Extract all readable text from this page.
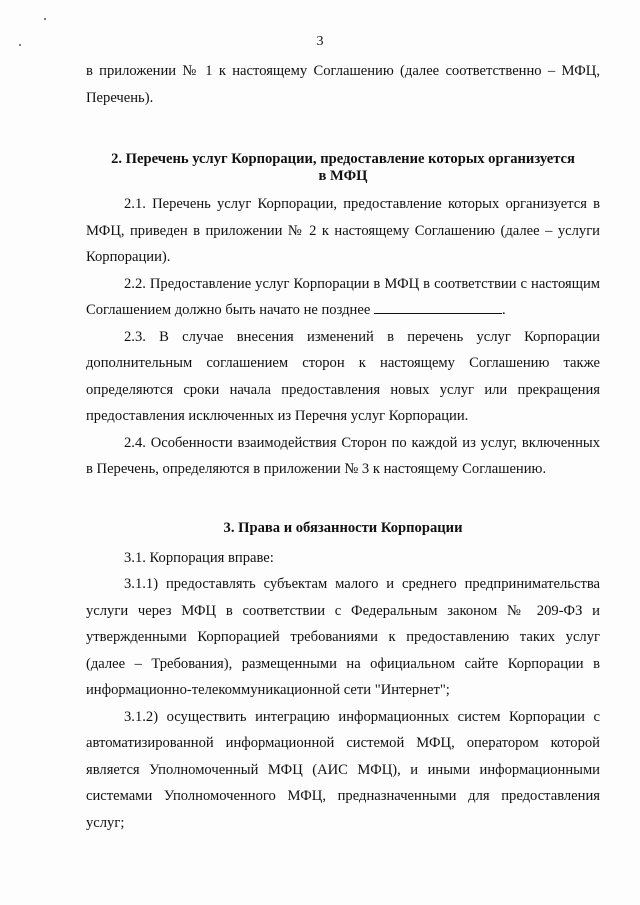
3

в приложении № 1 к настоящему Соглашению (далее соответственно – МФЦ, Перечень).

2. Перечень услуг Корпорации, предоставление которых организуется
в МФЦ

2.1. Перечень услуг Корпорации, предоставление которых организуется в МФЦ, приведен в приложении № 2 к настоящему Соглашению (далее – услуги Корпорации).

2.2. Предоставление услуг Корпорации в МФЦ в соответствии с настоящим Соглашением должно быть начато не позднее	.

2.3. В случае внесения изменений в перечень услуг Корпорации дополнительным соглашением сторон к настоящему Соглашению также определяются сроки начала предоставления новых услуг или прекращения предоставления исключенных из Перечня услуг Корпорации.

2.4. Особенности взаимодействия Сторон по каждой из услуг, включенных в Перечень, определяются в приложении № 3 к настоящему Соглашению.

3. Права и обязанности Корпорации

3.1. Корпорация вправе:

3.1.1) предоставлять субъектам малого и среднего предпринимательства услуги через МФЦ в соответствии с Федеральным законом № 209-ФЗ и утвержденными Корпорацией требованиями к предоставлению таких услуг (далее – Требования), размещенными на официальном сайте Корпорации в информационно-телекоммуникационной сети "Интернет";

3.1.2) осуществить интеграцию информационных систем Корпорации с автоматизированной информационной системой МФЦ, оператором которой является Уполномоченный МФЦ (АИС МФЦ), и иными информационными системами Уполномоченного МФЦ, предназначенными для предоставления услуг;
